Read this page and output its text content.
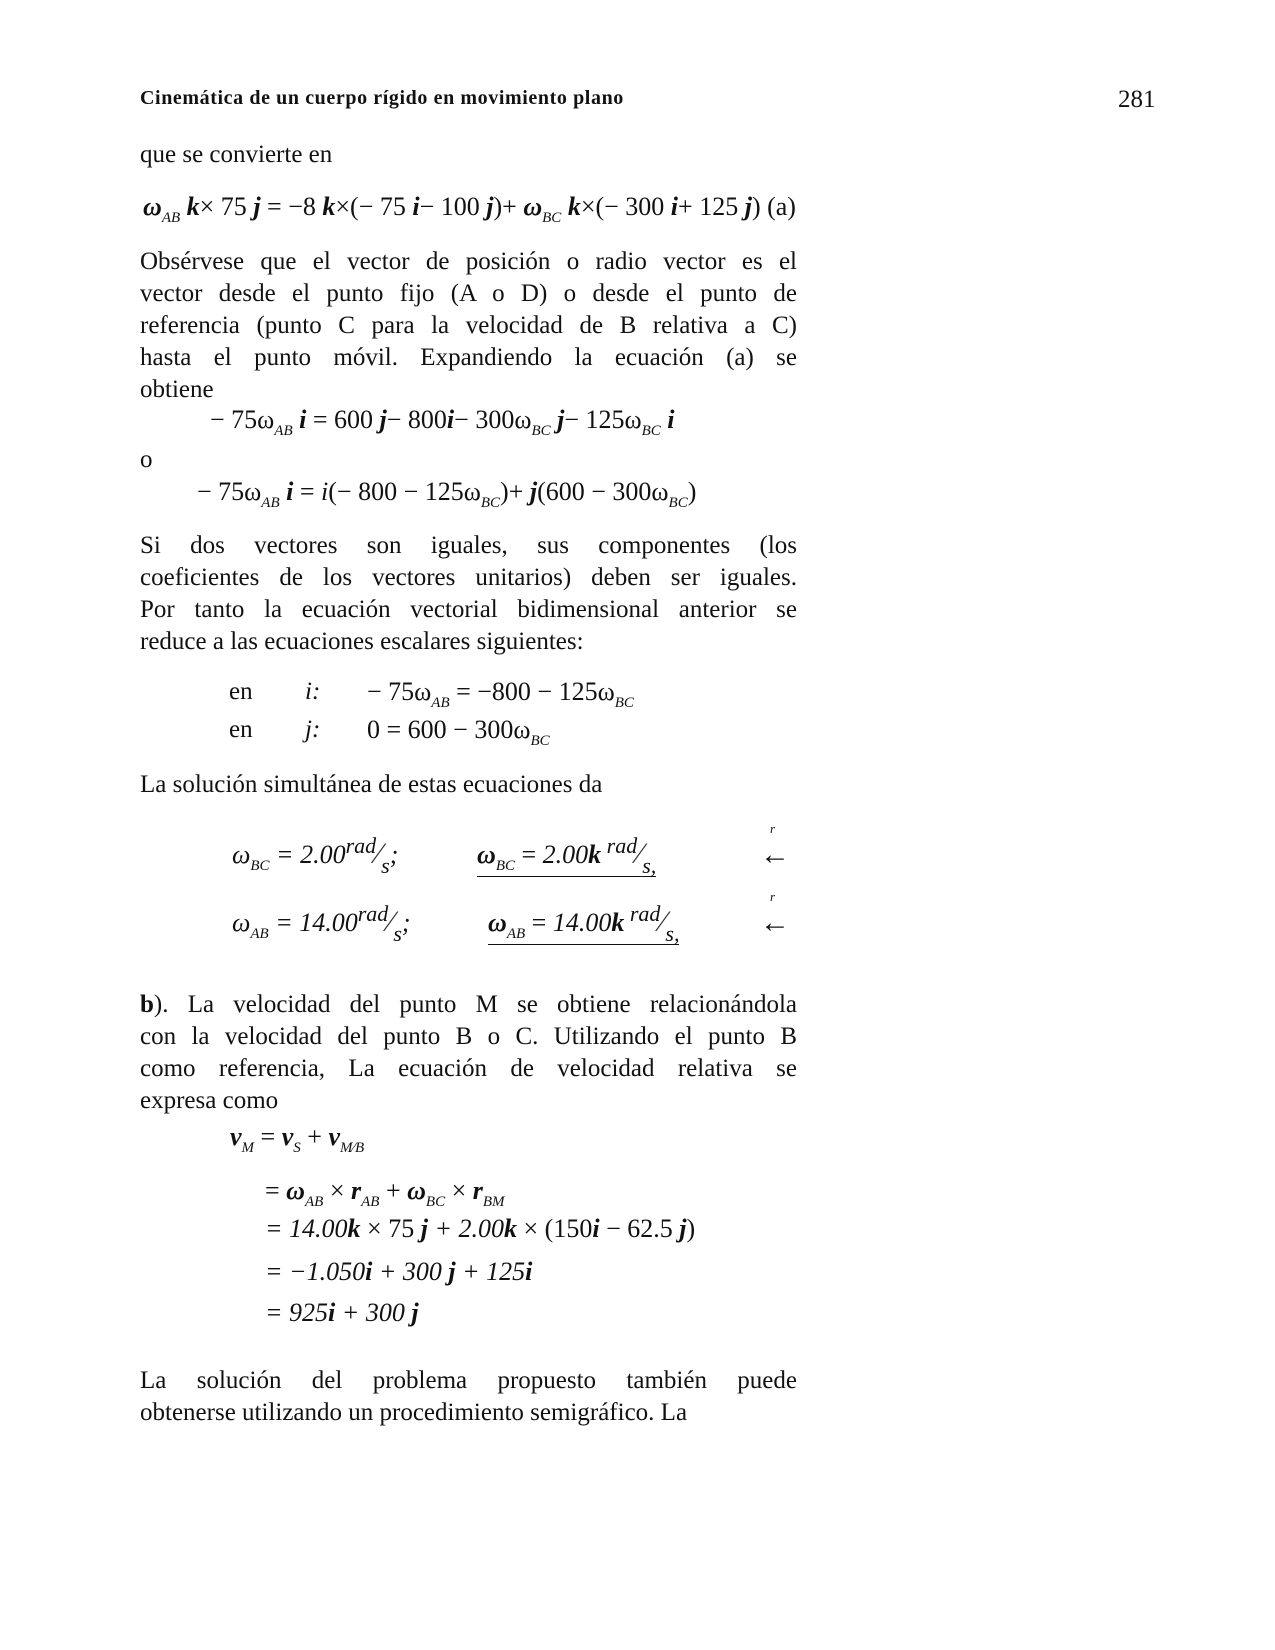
Cinemática de un cuerpo rígido en movimiento plano	281
que se convierte en
$\omega_{AB}$ k× 75 j = −8 k×(− 75 i− 100 $j)+ \omega_{BC}$ k×(− 300 i+ 125 j) (a)
Obsérvese que el vector de posición o radio vector es el
vector desde el punto fijo (A o D) o desde el punto de
referencia (punto C para la velocidad de B relativa a C)
hasta el punto móvil. Expandiendo la ecuación (a) se
obtiene
− $75\omega_{AB}$ i = 600 $j- 800i- 300\omega_{BC}$ $j- 125\omega_{BC}$ i
o
− $75\omega_{AB}$ $i = i(- 800 - 125\omega_{BC})+ j(600 - 300\omega_{BC})$
Si dos vectores son iguales, sus componentes (los
coeficientes de los vectores unitarios) deben ser iguales.
Por tanto la ecuación vectorial bidimensional anterior se
reduce a las ecuaciones escalares siguientes:
en i: − $75\omega_{AB} = -800 - 125\omega_{BC}$
en j: $0 = 600 - 300\omega_{BC}$
La solución simultánea de estas ecuaciones da
$\omega_{BC}$ = $2.00^{rad}⁄_s$;	$\omega_{BC} = 2.00k$ $^{rad}⁄_{s,}$
r
←
$\omega_{AB}$ = $14.00^{rad}⁄_s$;	$\omega_{AB} = 14.00k$ $^{rad}⁄_{s,}$
r
←
b). La velocidad del punto M se obtiene relacionándola
con la velocidad del punto B o C. Utilizando el punto B
como referencia, La ecuación de velocidad relativa se
expresa como
$v_M = v_S + v_{M⁄B}$
= $\omega_{AB} \times r_{AB} + \omega_{BC} \times r_{BM}$
= 14.00k × 75 j + 2.00k × (150i − 62.5 j)
= −1.050i + 300 j + 125i
= 925i + 300 j
La solución del problema propuesto también puede
obtenerse utilizando un procedimiento semigráfico. La
